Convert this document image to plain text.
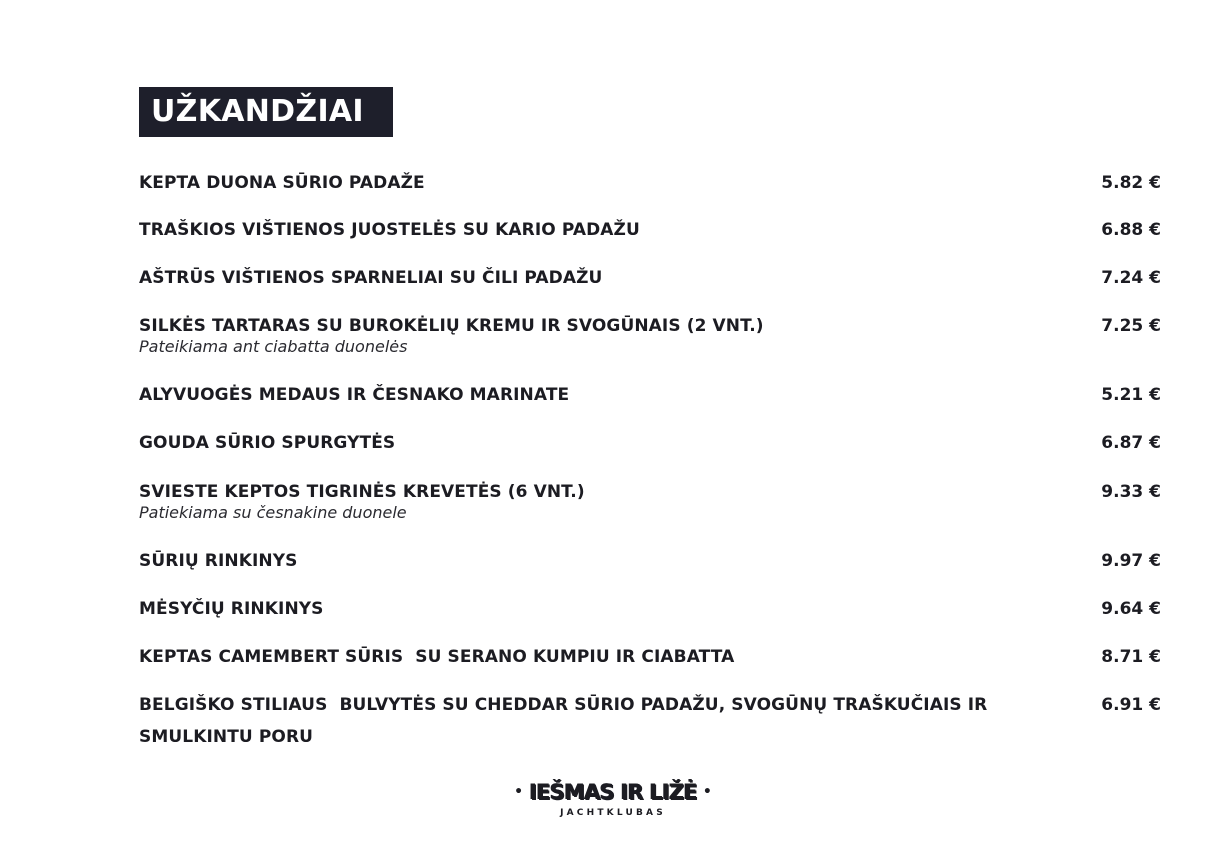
UŽKANDŽIAI
KEPTA DUONA SŪRIO PADAŽE	5.82 €
TRAŠKIOS VIŠTIENOS JUOSTELĖS SU KARIO PADAŽU	6.88 €
AŠTRŪS VIŠTIENOS SPARNELIAI SU ČILI PADAŽU	7.24 €
SILKĖS TARTARAS SU BUROKĖLIŲ KREMU IR SVOGŪNAIS (2 VNT.)	7.25 €
Pateikiama ant ciabatta duonelės
ALYVUOGĖS MEDAUS IR ČESNAKO MARINATE	5.21 €
GOUDA SŪRIO SPURGYTĖS	6.87 €
SVIESTE KEPTOS TIGRINĖS KREVETĖS (6 VNT.)	9.33 €
Patiekiama su česnakine duonele
SŪRIŲ RINKINYS	9.97 €
MĖSYČIŲ RINKINYS	9.64 €
KEPTAS CAMEMBERT SŪRIS  SU SERANO KUMPIU IR CIABATTA	8.71 €
BELGIŠKO STILIAUS  BULVYTĖS SU CHEDDAR SŪRIO PADAŽU, SVOGŪNŲ TRAŠKUČIAIS IR SMULKINTU PORU
6.91 €
• IEŠMAS IR LIŽĖ •
JACHTKLUBAS
